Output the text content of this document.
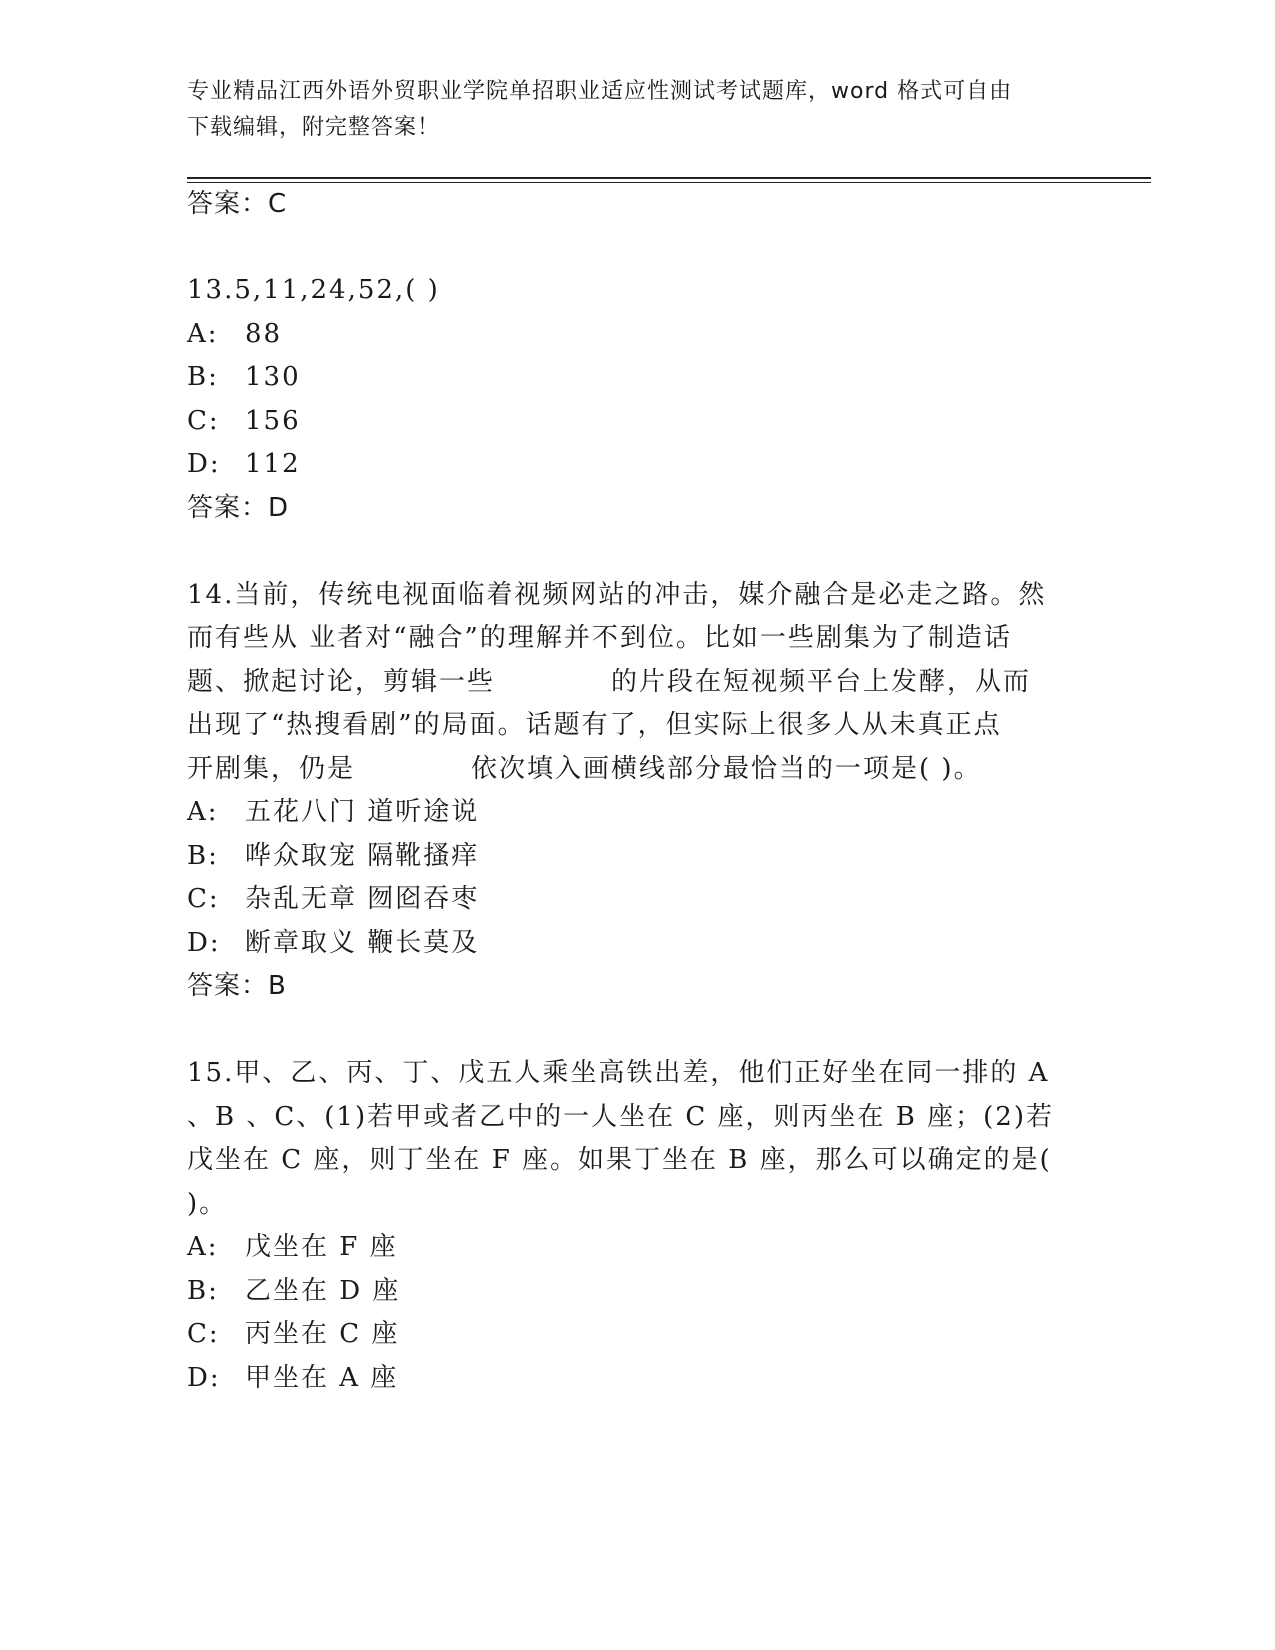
专业精品江西外语外贸职业学院单招职业适应性测试考试题库，word 格式可自由
下载编辑，附完整答案！
答案：C
13.5,11,24,52,( )
A: 88
B: 130
C: 156
D: 112
答案：D
14.当前，传统电视面临着视频网站的冲击，媒介融合是必走之路。然
而有些从 业者对“融合”的理解并不到位。比如一些剧集为了制造话
题、掀起讨论，剪辑一些	的片段在短视频平台上发酵，从而
出现了“热搜看剧”的局面。话题有了，但实际上很多人从未真正点
开剧集，仍是	依次填入画横线部分最恰当的一项是( )。
A: 五花八门 道听途说
B: 哗众取宠 隔靴搔痒
C: 杂乱无章 囫囵吞枣
D: 断章取义 鞭长莫及
答案：B
15.甲、乙、丙、丁、戊五人乘坐高铁出差，他们正好坐在同一排的 A
、B 、C、(1)若甲或者乙中的一人坐在 C 座，则丙坐在 B 座；(2)若
戊坐在 C 座，则丁坐在 F 座。如果丁坐在 B 座，那么可以确定的是(
)。
A: 戊坐在 F 座
B: 乙坐在 D 座
C: 丙坐在 C 座
D: 甲坐在 A 座
